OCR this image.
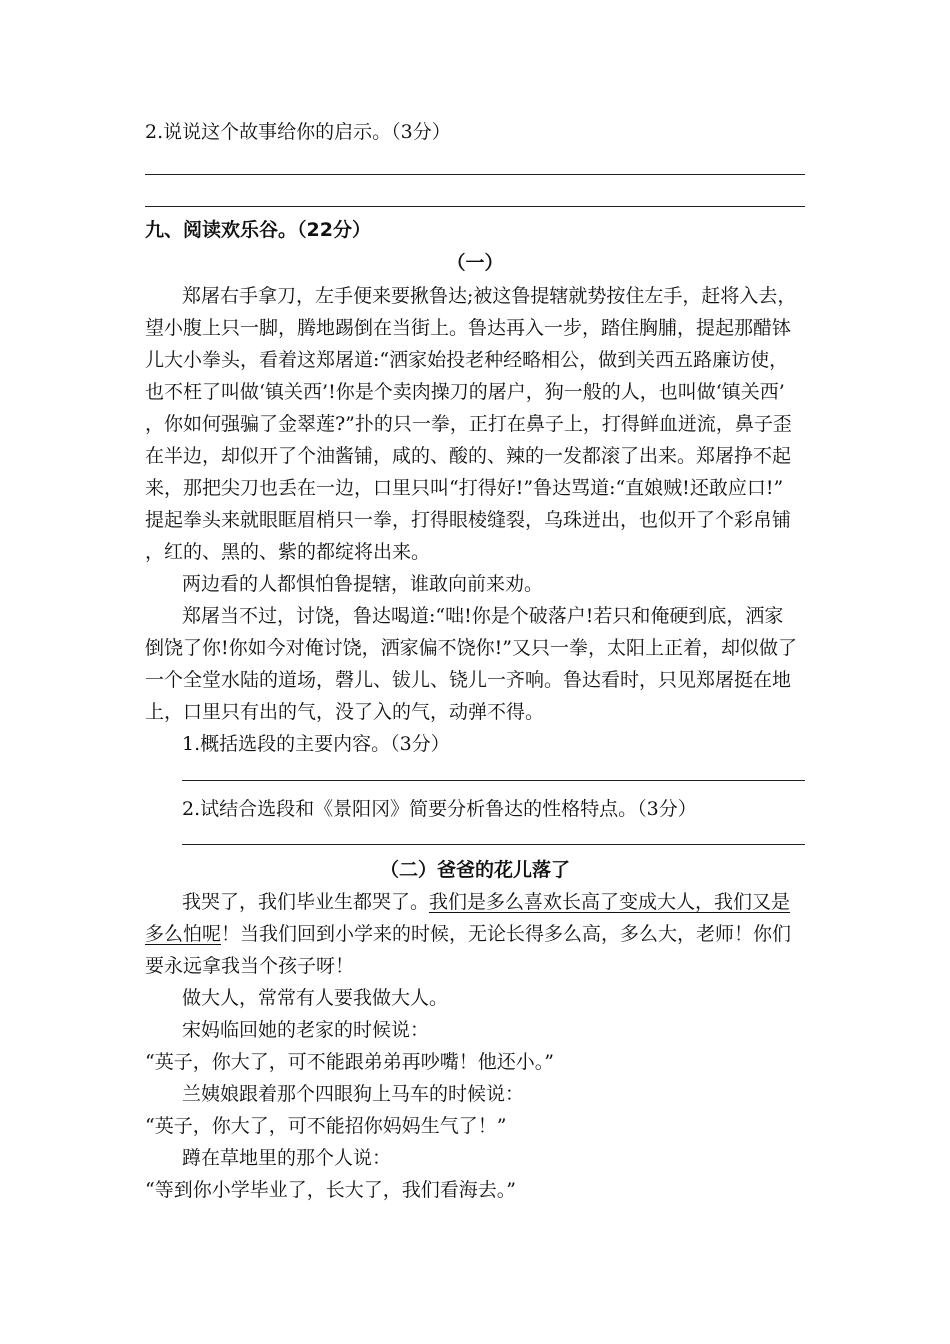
2.说说这个故事给你的启示。（3分）
九、阅读欢乐谷。（22分）
（一）
郑屠右手拿刀，左手便来要揪鲁达;被这鲁提辖就势按住左手，赶将入去，
望小腹上只一脚，腾地踢倒在当街上。鲁达再入一步，踏住胸脯，提起那醋钵
儿大小拳头，看着这郑屠道:“洒家始投老种经略相公，做到关西五路廉访使，
也不枉了叫做‘镇关西’!你是个卖肉操刀的屠户，狗一般的人，也叫做‘镇关西’
，你如何强骗了金翠莲?”扑的只一拳，正打在鼻子上，打得鲜血迸流，鼻子歪
在半边，却似开了个油酱铺，咸的、酸的、辣的一发都滚了出来。郑屠挣不起
来，那把尖刀也丢在一边，口里只叫“打得好!”鲁达骂道:“直娘贼!还敢应口!”
提起拳头来就眼眶眉梢只一拳，打得眼棱缝裂，乌珠迸出，也似开了个彩帛铺
，红的、黑的、紫的都绽将出来。
两边看的人都惧怕鲁提辖，谁敢向前来劝。
郑屠当不过，讨饶，鲁达喝道:“咄!你是个破落户!若只和俺硬到底，洒家
倒饶了你!你如今对俺讨饶，洒家偏不饶你!”又只一拳，太阳上正着，却似做了
一个全堂水陆的道场，磬儿、钹儿、铙儿一齐响。鲁达看时，只见郑屠挺在地
上，口里只有出的气，没了入的气，动弹不得。
1.概括选段的主要内容。（3分）
2.试结合选段和《景阳冈》简要分析鲁达的性格特点。（3分）
（二）爸爸的花儿落了
我哭了，我们毕业生都哭了。我们是多么喜欢长高了变成大人，我们又是
多么怕呢！当我们回到小学来的时候，无论长得多么高，多么大，老师！你们
要永远拿我当个孩子呀！
做大人，常常有人要我做大人。
宋妈临回她的老家的时候说：
“英子，你大了，可不能跟弟弟再吵嘴！他还小。”
兰姨娘跟着那个四眼狗上马车的时候说：
“英子，你大了，可不能招你妈妈生气了！”
蹲在草地里的那个人说：
“等到你小学毕业了，长大了，我们看海去。”
